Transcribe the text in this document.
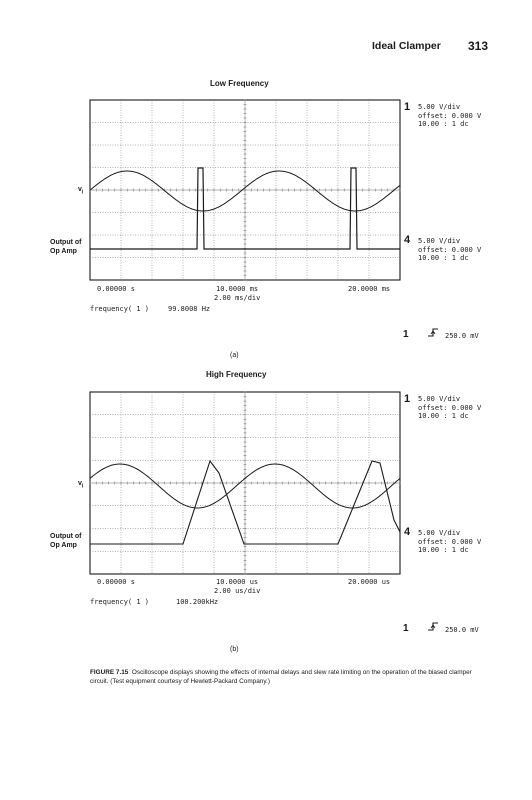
Ideal Clamper 313
Low Frequency
$v_I$
Output of
Op Amp
1 5.00 V/div
offset: 0.000 V
10.00 : 1 dc
4 5.00 V/div
offset: 0.000 V
10.00 : 1 dc
0.00000 s	10.0000 ms	20.0000 ms
2.00 ms/div
frequency( 1 )	99.8008 Hz
1	250.0 mV
(a)
High Frequency
$v_I$
Output of
Op Amp
1 5.00 V/div
offset: 0.000 V
10.00 : 1 dc
4 5.00 V/div
offset: 0.000 V
10.00 : 1 dc
0.00000 s	10.0000 us	20.0000 us
2.00 us/div
frequency( 1 )	100.200kHz
1	250.0 mV
(b)
FIGURE 7.15 Oscilloscope displays showing the effects of internal delays and slew rate limiting on the operation of the biased clamper circuit. (Test equipment courtesy of Hewlett-Packard Company.)
